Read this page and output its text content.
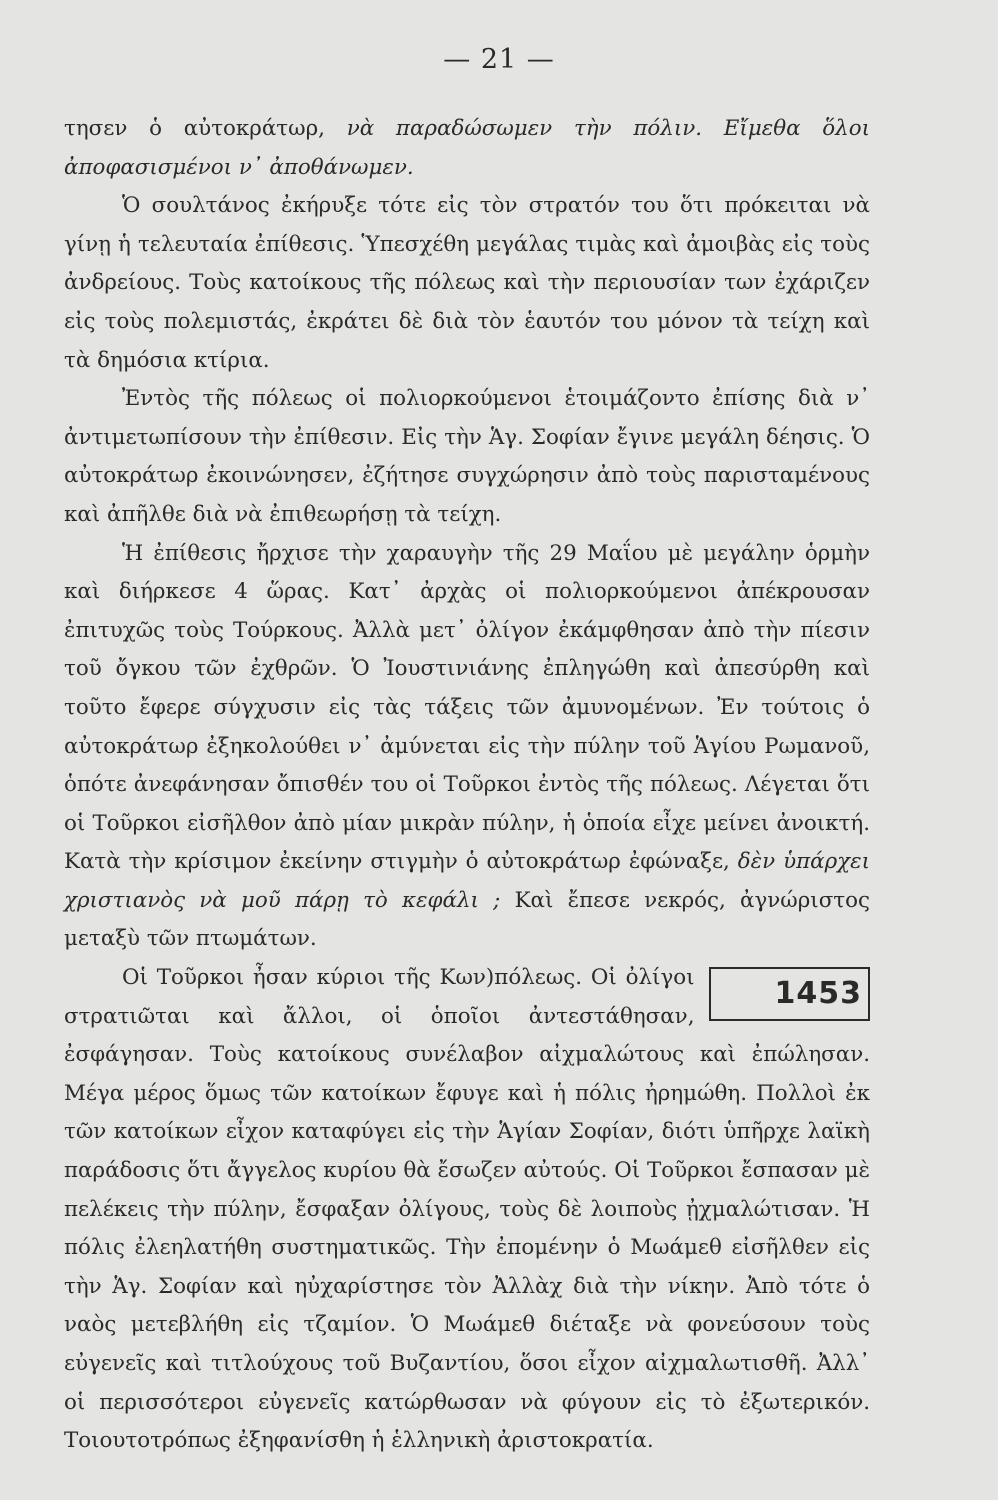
— 21 —

τησεν ὁ αὐτοκράτωρ, νὰ παραδώσωμεν τὴν πόλιν. Εἴμεθα ὅλοι ἀποφασισμένοι ν᾽ ἀποθάνωμεν.

Ὁ σουλτάνος ἐκήρυξε τότε εἰς τὸν στρατόν του ὅτι πρόκειται νὰ γίνῃ ἡ τελευταία ἐπίθεσις. Ὑπεσχέθη μεγάλας τιμὰς καὶ ἀμοιβὰς εἰς τοὺς ἀνδρείους. Τοὺς κατοίκους τῆς πόλεως καὶ τὴν περιουσίαν των ἐχάριζεν εἰς τοὺς πολεμιστάς, ἐκράτει δὲ διὰ τὸν ἑαυτόν του μόνον τὰ τείχη καὶ τὰ δημόσια κτίρια.

Ἐντὸς τῆς πόλεως οἱ πολιορκούμενοι ἑτοιμάζοντο ἐπίσης διὰ ν᾽ ἀντιμετωπίσουν τὴν ἐπίθεσιν. Εἰς τὴν Ἁγ. Σοφίαν ἔγινε μεγάλη δέησις. Ὁ αὐτοκράτωρ ἐκοινώνησεν, ἐζήτησε συγχώρησιν ἀπὸ τοὺς παρισταμένους καὶ ἀπῆλθε διὰ νὰ ἐπιθεωρήσῃ τὰ τείχη.

Ἡ ἐπίθεσις ἤρχισε τὴν χαραυγὴν τῆς 29 Μαΐου μὲ μεγάλην ὁρμὴν καὶ διήρκεσε 4 ὥρας. Κατ᾽ ἀρχὰς οἱ πολιορκούμενοι ἀπέκρουσαν ἐπιτυχῶς τοὺς Τούρκους. Ἀλλὰ μετ᾽ ὀλίγον ἐκάμφθησαν ἀπὸ τὴν πίεσιν τοῦ ὄγκου τῶν ἐχθρῶν. Ὁ Ἰουστινιάνης ἐπληγώθη καὶ ἀπεσύρθη καὶ τοῦτο ἔφερε σύγχυσιν εἰς τὰς τάξεις τῶν ἀμυνομένων. Ἐν τούτοις ὁ αὐτοκράτωρ ἐξηκολούθει ν᾽ ἀμύνεται εἰς τὴν πύλην τοῦ Ἁγίου Ρωμανοῦ, ὁπότε ἀνεφάνησαν ὄπισθέν του οἱ Τοῦρκοι ἐντὸς τῆς πόλεως. Λέγεται ὅτι οἱ Τοῦρκοι εἰσῆλθον ἀπὸ μίαν μικρὰν πύλην, ἡ ὁποία εἶχε μείνει ἀνοικτή. Κατὰ τὴν κρίσιμον ἐκείνην στιγμὴν ὁ αὐτοκράτωρ ἐφώναξε, δὲν ὑπάρχει χριστιανὸς νὰ μοῦ πάρῃ τὸ κεφάλι ; Καὶ ἔπεσε νεκρός, ἀγνώριστος μεταξὺ τῶν πτωμάτων.

1453
Οἱ Τοῦρκοι ἦσαν κύριοι τῆς Κων)πόλεως. Οἱ ὀλίγοι στρατιῶται καὶ ἄλλοι, οἱ ὁποῖοι ἀντεστάθησαν, ἐσφάγησαν. Τοὺς κατοίκους συνέλαβον αἰχμαλώτους καὶ ἐπώλησαν. Μέγα μέρος ὅμως τῶν κατοίκων ἔφυγε καὶ ἡ πόλις ἠρημώθη. Πολλοὶ ἐκ τῶν κατοίκων εἶχον καταφύγει εἰς τὴν Ἁγίαν Σοφίαν, διότι ὑπῆρχε λαϊκὴ παράδοσις ὅτι ἄγγελος κυρίου θὰ ἔσωζεν αὐτούς. Οἱ Τοῦρκοι ἔσπασαν μὲ πελέκεις τὴν πύλην, ἔσφαξαν ὀλίγους, τοὺς δὲ λοιποὺς ᾐχμαλώτισαν. Ἡ πόλις ἐλεηλατήθη συστηματικῶς. Τὴν ἐπομένην ὁ Μωάμεθ εἰσῆλθεν εἰς τὴν Ἁγ. Σοφίαν καὶ ηὐχαρίστησε τὸν Ἀλλὰχ διὰ τὴν νίκην. Ἀπὸ τότε ὁ ναὸς μετεβλήθη εἰς τζαμίον. Ὁ Μωάμεθ διέταξε νὰ φονεύσουν τοὺς εὐγενεῖς καὶ τιτλούχους τοῦ Βυζαντίου, ὅσοι εἶχον αἰχμαλωτισθῆ. Ἀλλ᾽ οἱ περισσότεροι εὐγενεῖς κατώρθωσαν νὰ φύγουν εἰς τὸ ἐξωτερικόν. Τοιουτοτρόπως ἐξηφανίσθη ἡ ἑλληνικὴ ἀριστοκρατία.
